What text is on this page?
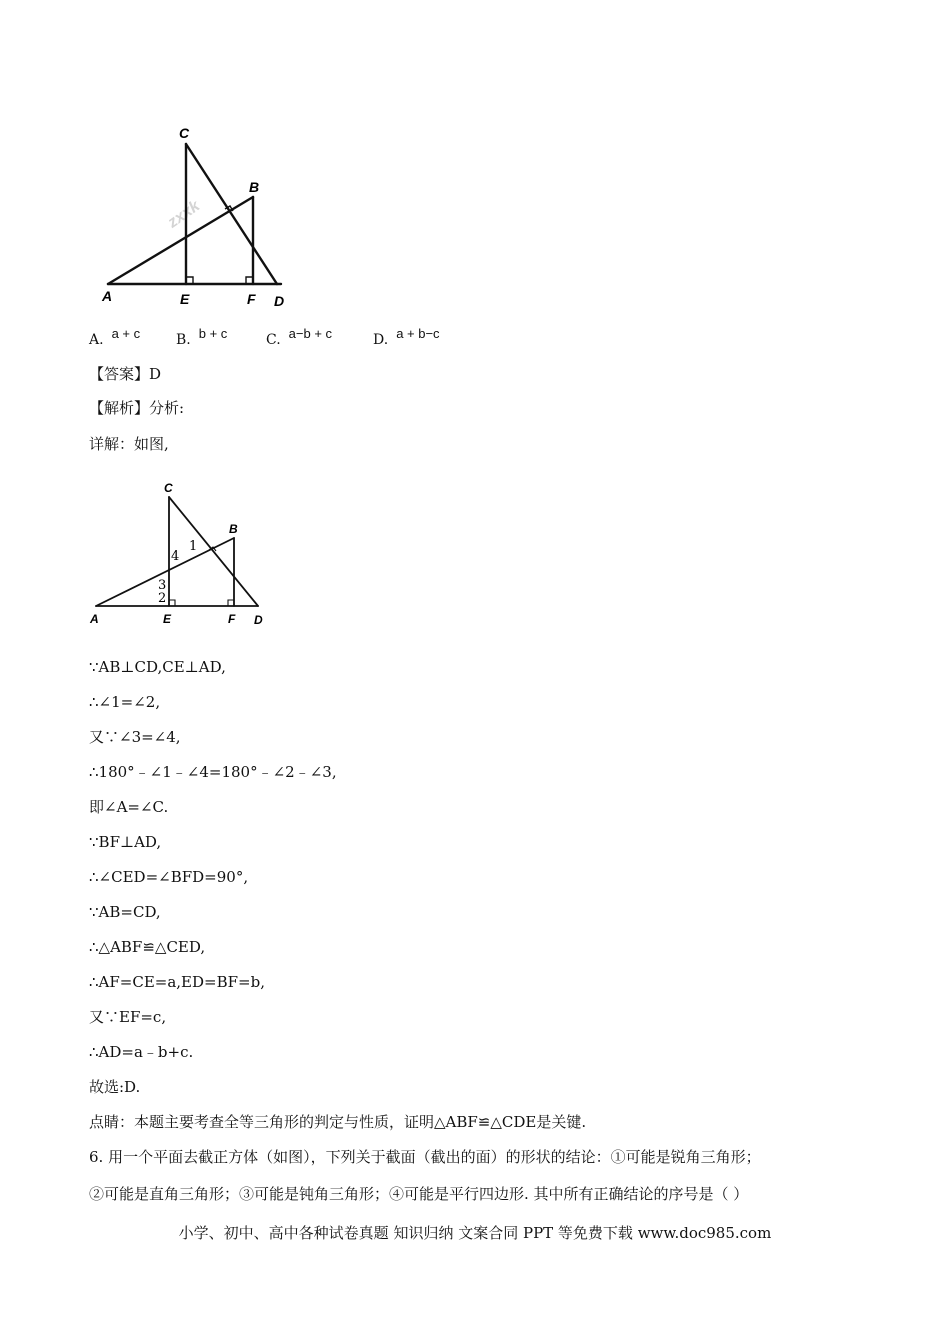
zxxk
C
B
A	E	F D
A. a + c	B. b + c	C. a−b + c	D. a + b−c
【答案】D
【解析】分析:
详解：如图,
C
B
A	E	F D
1
4
3
2
∵AB⊥CD,CE⊥AD,
∴∠1=∠2,
又∵∠3=∠4,
∴180°﹣∠1﹣∠4=180°﹣∠2﹣∠3,
即∠A=∠C.
∵BF⊥AD,
∴∠CED=∠BFD=90°,
∵AB=CD,
∴△ABF≌△CED,
∴AF=CE=a,ED=BF=b,
又∵EF=c,
∴AD=a﹣b+c.
故选:D.
点睛：本题主要考查全等三角形的判定与性质，证明△ABF≌△CDE是关键.
6. 用一个平面去截正方体（如图），下列关于截面（截出的面）的形状的结论：①可能是锐角三角形；
②可能是直角三角形；③可能是钝角三角形；④可能是平行四边形. 其中所有正确结论的序号是（ ）
小学、初中、高中各种试卷真题 知识归纳 文案合同 PPT 等免费下载 www.doc985.com
